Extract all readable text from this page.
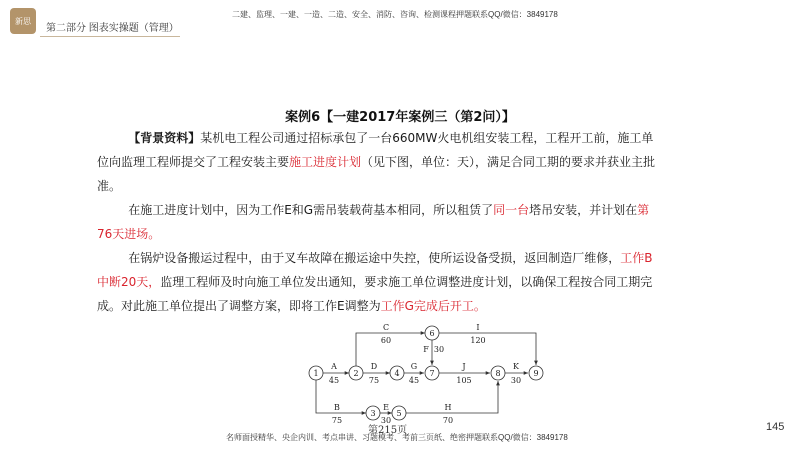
新思
第二部分 图表实操题（管理）
二建、监理、一建、一造、二造、安全、消防、咨询、检测课程押题联系QQ/微信：3849178
案例6【一建2017年案例三（第2问）】

【背景资料】某机电工程公司通过招标承包了一台660MW火电机组安装工程，工程开工前，施工单位向监理工程师提交了工程安装主要施工进度计划（见下图，单位：天），满足合同工期的要求并获业主批准。

在施工进度计划中，因为工作E和G需吊装载荷基本相同，所以租赁了同一台塔吊安装，并计划在第76天进场。

在锅炉设备搬运过程中，由于叉车故障在搬运途中失控，使所运设备受损，返回制造厂维修，工作B中断20天，监理工程师及时向施工单位发出通知，要求施工单位调整进度计划，以确保工程按合同工期完成。对此施工单位提出了调整方案，即将工作E调整为工作G完成后开工。

1	2
3
4
5
6
7	8	9
A
45
B
75
C
60
D
75
E
30
F 30
G
45
H
70
I
120
J
105
K
30
第215页
名师面授精华、央企内训、考点串讲、习题模考、考前三页纸、绝密押题联系QQ/微信：3849178
145
